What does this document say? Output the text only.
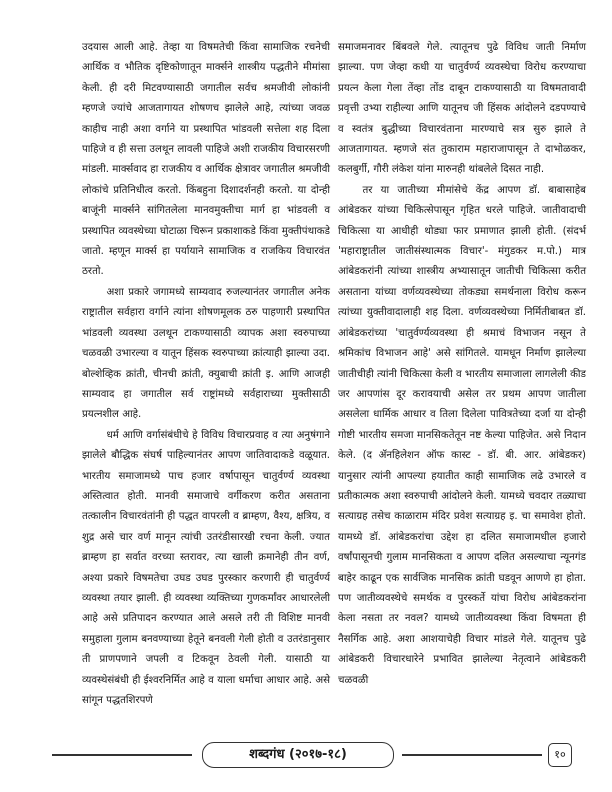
उदयास आली आहे. तेव्हा या विषमतेची किंवा सामाजिक रचनेची आर्थिक व भौतिक दृष्टिकोणातून मार्क्सने शास्त्रीय पद्धतीने मीमांसा केली. ही दरी मिटवण्यासाठी जगातील सर्वच श्रमजीवी लोकांनी म्हणजे ज्यांचे आजतागायत शोषणच झालेले आहे, त्यांच्या जवळ काहीच नाही अशा वर्गाने या प्रस्थापित भांडवली सत्तेला शह दिला पाहिजे व ही सत्ता उलथून लावली पाहिजे अशी राजकीय विचारसरणी मांडली. मार्क्सवाद हा राजकीय व आर्थिक क्षेत्रावर जगातील श्रमजीवी लोकांचे प्रतिनिधीत्व करतो. किंबहुना दिशादर्शनही करतो. या दोन्ही बाजूंनी मार्क्सने सांगितलेला मानवमुक्तीचा मार्ग हा भांडवली व प्रस्थापित व्यवस्थेच्या घोटाळा चिरून प्रकाशाकडे किंवा मुक्तीपंथाकडे जातो. म्हणून मार्क्स हा पर्यायाने सामाजिक व राजकिय विचारवंत ठरतो.

अशा प्रकारे जगामध्ये साम्यवाद रुजल्यानंतर जगातील अनेक राष्ट्रातील सर्वहारा वर्गाने त्यांना शोषणमूलक ठरु पाहणारी प्रस्थापित भांडवली व्यवस्था उलथून टाकण्यासाठी व्यापक अशा स्वरुपाच्या चळवळी उभारल्या व यातून हिंसक स्वरुपाच्या क्रांत्याही झाल्या उदा. बोल्शेव्हिक क्रांती, चीनची क्रांती, क्युबाची क्रांती इ. आणि आजही साम्यवाद हा जगातील सर्व राष्ट्रांमध्ये सर्वहाराच्या मुक्तीसाठी प्रयत्नशील आहे.

धर्म आणि वर्गासंबंधीचे हे विविध विचारप्रवाह व त्या अनुषंगाने झालेले बौद्धिक संघर्ष पाहिल्यानंतर आपण जातिवादाकडे वळूयात. भारतीय समाजामध्ये पाच हजार वर्षापासून चातुर्वर्ण्य व्यवस्था अस्तित्वात होती. मानवी समाजाचे वर्गीकरण करीत असताना तत्कालीन विचारवंतांनी ही पद्धत वापरली व ब्राम्हण, वैश्य, क्षत्रिय, व शुद्र असे चार वर्ण मानून त्यांची उतरंडीसारखी रचना केली. ज्यात ब्राम्हण हा सर्वात वरच्या स्तरावर, त्या खाली क्रमानेही तीन वर्ण, अश्या प्रकारे विषमतेचा उघड उघड पुरस्कार करणारी ही चातुर्वर्ण्य व्यवस्था तयार झाली. ही व्यवस्था व्यक्तिच्या गुणकर्मांवर आधारलेली आहे असे प्रतिपादन करण्यात आले असले तरी ती विशिष्ट मानवी समुहाला गुलाम बनवण्याच्या हेतूने बनवली गेली होती व उतरंडानुसार ती प्राणपणाने जपली व टिकवून ठेवली गेली. यासाठी या व्यवस्थेसंबंधी ही ईश्वरनिर्मित आहे व याला धर्माचा आधार आहे. असे सांगून पद्धतशिरपणे

समाजमनावर बिंबवले गेले. त्यातूनच पुढे विविध जाती निर्माण झाल्या. पण जेव्हा कधी या चातुर्वर्ण्य व्यवस्थेचा विरोध करण्याचा प्रयत्न केला गेला तेंव्हा तोंड दाबून टाकण्यासाठी या विषमतावादी प्रवृत्ती उभ्या राहील्या आणि यातूनच जी हिंसक आंदोलने दडपण्याचे व स्वतंत्र बुद्धीच्या विचारवंताना मारण्याचे सत्र सुरु झाले ते आजतागायत. म्हणजे संत तुकाराम महाराजापासून ते दाभोळकर, कलबुर्गी, गौरी लंकेश यांना मारुनही थांबलेले दिसत नाही.

तर या जातीच्या मीमांसेचे केंद्र आपण डॉ. बाबासाहेब आंबेडकर यांच्या चिकित्सेपासून गृहित धरले पाहिजे. जातीवादाची चिकित्सा या आधीही थोड्या फार प्रमाणात झाली होती. (संदर्भ 'महाराष्ट्रातील जातीसंस्थात्मक विचार'- मंगुडकर म.पो.) मात्र आंबेडकरांनी त्यांच्या शास्त्रीय अभ्यासातून जातीची चिकित्सा करीत असताना यांच्या वर्णव्यवस्थेच्या तोकड्या समर्थनाला विरोध करून त्यांच्या युक्तीवादालाही शह दिला. वर्णव्यवस्थेच्या निर्मितीबाबत डॉ. आंबेडकरांच्या 'चातुर्वर्ण्यव्यवस्था ही श्रमाचं विभाजन नसून ते श्रमिकांच विभाजन आहे' असे सांगितले. यामधून निर्माण झालेल्या जातीचीही त्यांनी चिकित्सा केली व भारतीय समाजाला लागलेली कीड जर आपणांस दूर करावयाची असेल तर प्रथम आपण जातीला असलेला धार्मिक आधार व तिला दिलेला पावित्रतेच्या दर्जा या दोन्ही गोष्टी भारतीय समजा मानसिकतेतून नष्ट केल्या पाहिजेत. असे निदान केले. (द ॲनहिलेशन ऑफ कास्ट - डॉ. बी. आर. आंबेडकर) यानुसार त्यांनी आपल्या हयातीत काही सामाजिक लढे उभारले व प्रतीकात्मक अशा स्वरुपाची आंदोलने केली. यामध्ये चवदार तळ्याचा सत्याग्रह तसेच काळाराम मंदिर प्रवेश सत्याग्रह इ. चा समावेश होतो. यामध्ये डॉ. आंबेडकरांचा उद्देश हा दलित समाजामधील हजारो वर्षांपासूनची गुलाम मानसिकता व आपण दलित असल्याचा न्यूनगंड बाहेर काढून एक सार्वजिक मानसिक क्रांती घडवून आणणे हा होता. पण जातीव्यवस्थेचे समर्थक व पुरस्कर्ते यांचा विरोध आंबेडकरांना केला नसता तर नवल? यामध्ये जातीव्यवस्था किंवा विषमता ही नैसर्गिक आहे. अशा आशयाचेही विचार मांडले गेले. यातूनच पुढे आंबेडकरी विचारधारेने प्रभावित झालेल्या नेतृत्वाने आंबेडकरी चळवळी

शब्दगंध (२०१७-१८)	१०
